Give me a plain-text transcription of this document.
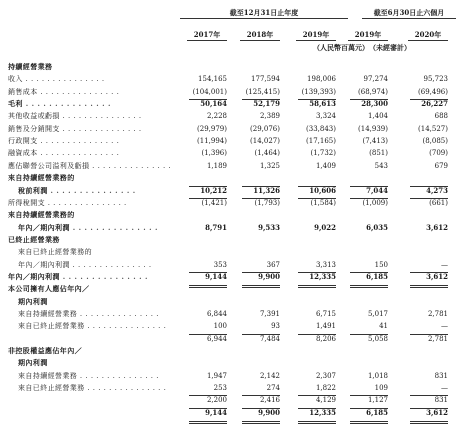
截至12月31日止年度	截至6月30日止六個月
2017年	2018年	2019年	2019年	2020年
（人民幣百萬元） （未經審計）
持續經營業務
收入 . . .	154,165	177,594	198,006	97,274	95,723
銷售成本 . . .	(104,001)	(125,415)	(139,393)	(68,974)	(69,496)
毛利 . . .	50,164	52,179	58,613	28,300	26,227
其他收益或虧損 . . .	2,228	2,389	3,324	1,404	688
銷售及分銷開支 . . .	(29,979)	(29,076)	(33,843)	(14,939)	(14,527)
行政開支 . . .	(11,994)	(14,027)	(17,165)	(7,413)	(8,085)
融資成本 . . .	(1,396)	(1,464)	(1,732)	(851)	(709)
應佔聯營公司溢利及虧損 . . .	1,189	1,325	1,409	543	679
來自持續經營業務的
稅前利潤 . . .	10,212	11,326	10,606	7,044	4,273
所得稅開支 . . .	(1,421)	(1,793)	(1,584)	(1,009)	(661)
來自持續經營業務的
年內／期內利潤 . . .	8,791	9,533	9,022	6,035	3,612
已終止經營業務
來自已終止經營業務的
年內／期內利潤 . . .	353	367	3,313	150	—
年內／期內利潤 . . .	9,144	9,900	12,335	6,185	3,612
本公司擁有人應佔年內／
期內利潤
來自持續經營業務 . . .	6,844	7,391	6,715	5,017	2,781
來自已終止經營業務 . . .	100	93	1,491	41	—
6,944	7,484	8,206	5,058	2,781
非控股權益應佔年內／
期內利潤
來自持續經營業務 . . .	1,947	2,142	2,307	1,018	831
來自已終止經營業務 . . .	253	274	1,822	109	—
2,200	2,416	4,129	1,127	831
9,144	9,900	12,335	6,185	3,612
